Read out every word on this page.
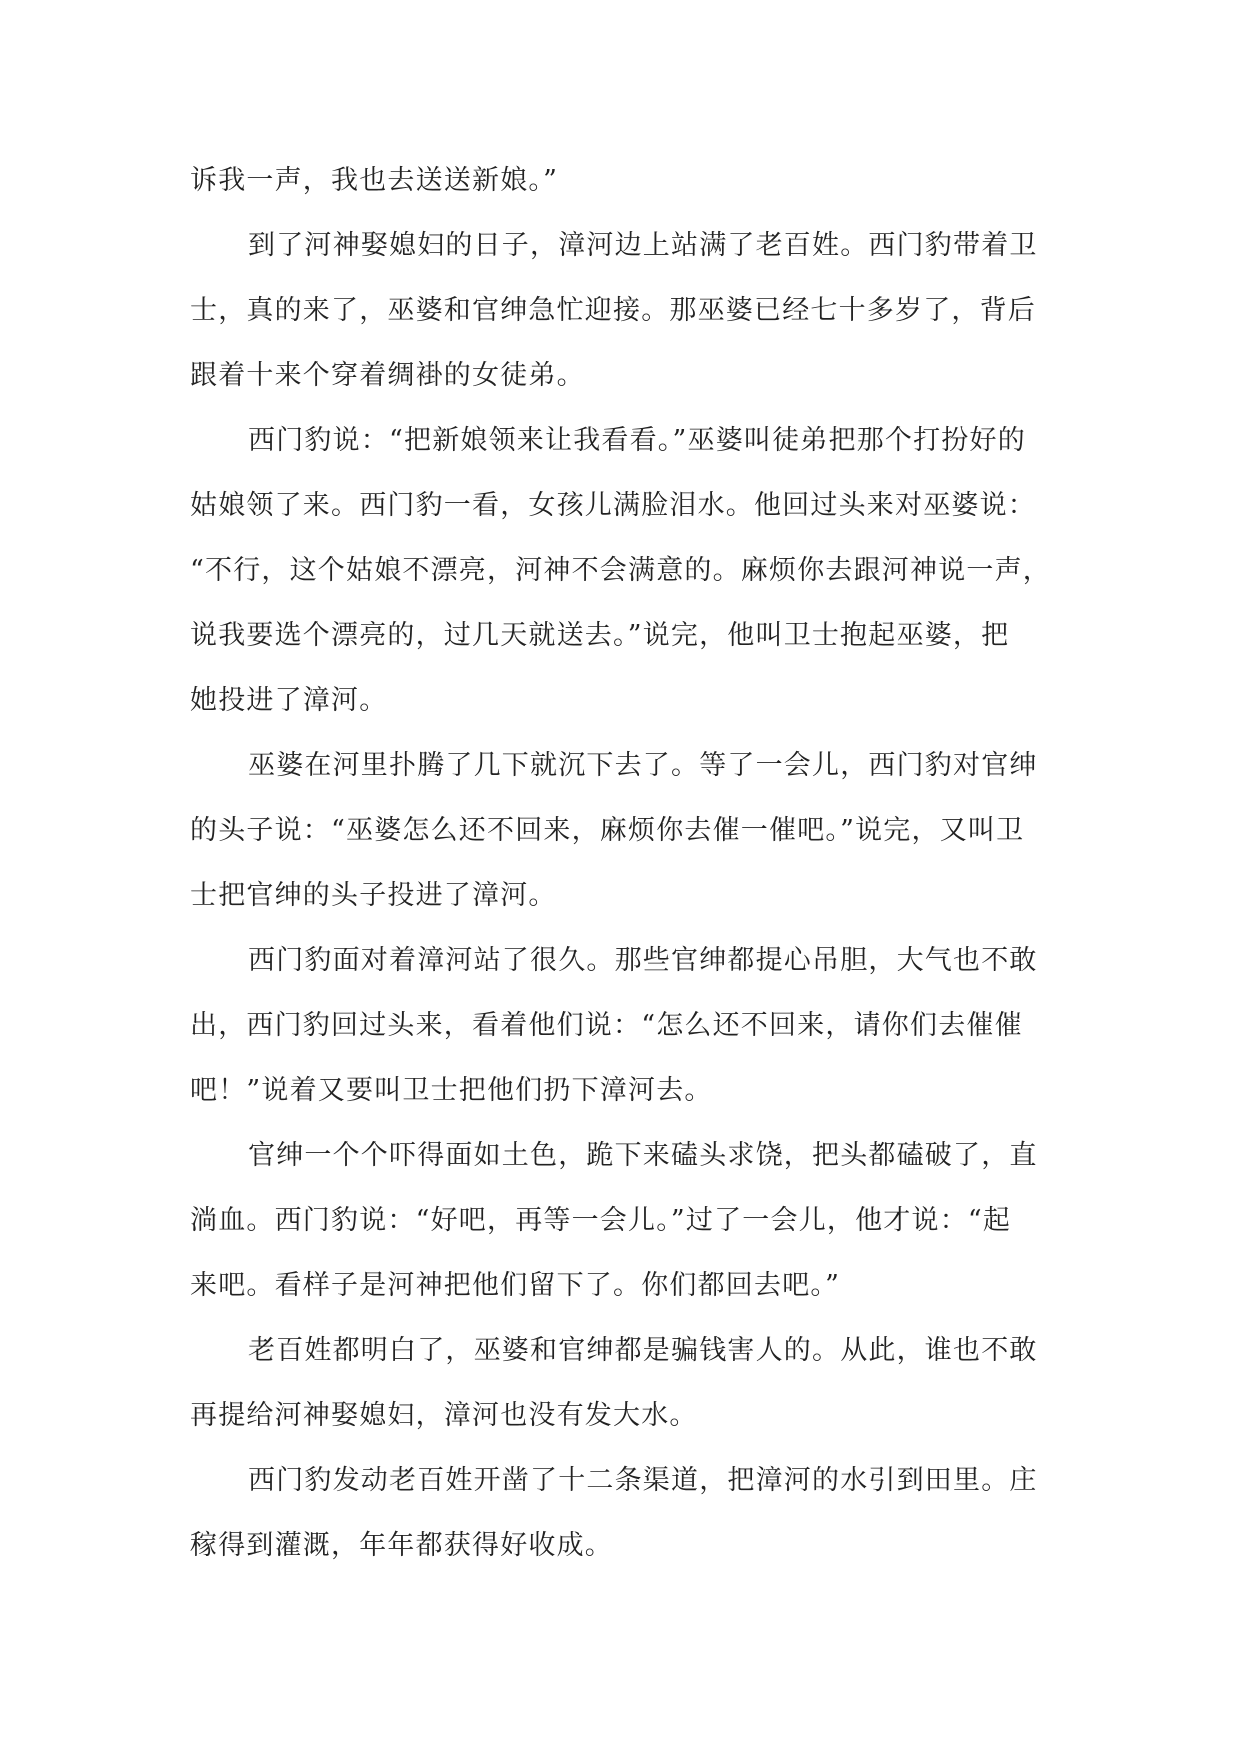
诉我一声，我也去送送新娘。”
到了河神娶媳妇的日子，漳河边上站满了老百姓。西门豹带着卫
士，真的来了，巫婆和官绅急忙迎接。那巫婆已经七十多岁了，背后
跟着十来个穿着绸褂的女徒弟。
西门豹说：“把新娘领来让我看看。”巫婆叫徒弟把那个打扮好的
姑娘领了来。西门豹一看，女孩儿满脸泪水。他回过头来对巫婆说：
“不行，这个姑娘不漂亮，河神不会满意的。麻烦你去跟河神说一声，
说我要选个漂亮的，过几天就送去。”说完，他叫卫士抱起巫婆，把
她投进了漳河。
巫婆在河里扑腾了几下就沉下去了。等了一会儿，西门豹对官绅
的头子说：“巫婆怎么还不回来，麻烦你去催一催吧。”说完，又叫卫
士把官绅的头子投进了漳河。
西门豹面对着漳河站了很久。那些官绅都提心吊胆，大气也不敢
出，西门豹回过头来，看着他们说：“怎么还不回来，请你们去催催
吧！”说着又要叫卫士把他们扔下漳河去。
官绅一个个吓得面如土色，跪下来磕头求饶，把头都磕破了，直
淌血。西门豹说：“好吧，再等一会儿。”过了一会儿，他才说：“起
来吧。看样子是河神把他们留下了。你们都回去吧。”
老百姓都明白了，巫婆和官绅都是骗钱害人的。从此，谁也不敢
再提给河神娶媳妇，漳河也没有发大水。
西门豹发动老百姓开凿了十二条渠道，把漳河的水引到田里。庄
稼得到灌溉，年年都获得好收成。
